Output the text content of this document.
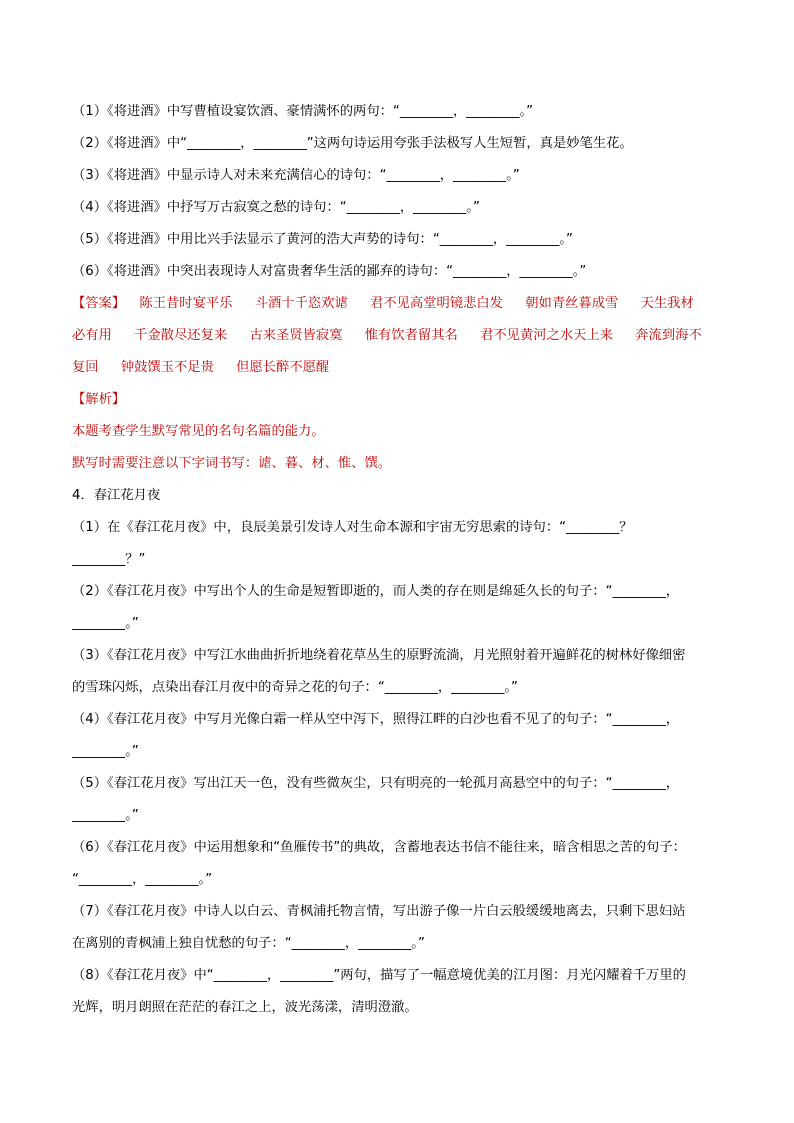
（1）《将进酒》中写曹植设宴饮酒、豪情满怀的两句：“________，________。”
（2）《将进酒》中“________，________”这两句诗运用夸张手法极写人生短暂，真是妙笔生花。
（3）《将进酒》中显示诗人对未来充满信心的诗句：“________，________。”
（4）《将进酒》中抒写万古寂寞之愁的诗句：“________，________。”
（5）《将进酒》中用比兴手法显示了黄河的浩大声势的诗句：“________，________。”
（6）《将进酒》中突出表现诗人对富贵奢华生活的鄙弃的诗句：“________，________。”
【答案】 陈王昔时宴平乐 斗酒十千恣欢谑 君不见高堂明镜悲白发 朝如青丝暮成雪 天生我材
必有用 千金散尽还复来 古来圣贤皆寂寞 惟有饮者留其名 君不见黄河之水天上来 奔流到海不
复回 钟鼓馔玉不足贵 但愿长醉不愿醒
【解析】
本题考查学生默写常见的名句名篇的能力。
默写时需要注意以下字词书写：谑、暮、材、惟、馔。
4．春江花月夜
（1）在《春江花月夜》中，良辰美景引发诗人对生命本源和宇宙无穷思索的诗句：“________？
________？”
（2）《春江花月夜》中写出个人的生命是短暂即逝的，而人类的存在则是绵延久长的句子：“________，
________。”
（3）《春江花月夜》中写江水曲曲折折地绕着花草丛生的原野流淌，月光照射着开遍鲜花的树林好像细密
的雪珠闪烁，点染出春江月夜中的奇异之花的句子：“________，________。”
（4）《春江花月夜》中写月光像白霜一样从空中泻下，照得江畔的白沙也看不见了的句子：“________，
________。”
（5）《春江花月夜》写出江天一色，没有些微灰尘，只有明亮的一轮孤月高悬空中的句子：“________，
________。”
（6）《春江花月夜》中运用想象和“鱼雁传书”的典故，含蓄地表达书信不能往来，暗含相思之苦的句子：
“________，________。”
（7）《春江花月夜》中诗人以白云、青枫浦托物言情，写出游子像一片白云般缓缓地离去，只剩下思妇站
在离别的青枫浦上独自忧愁的句子：“________，________。”
（8）《春江花月夜》中“________，________”两句，描写了一幅意境优美的江月图：月光闪耀着千万里的
光辉，明月朗照在茫茫的春江之上，波光荡漾，清明澄澈。
